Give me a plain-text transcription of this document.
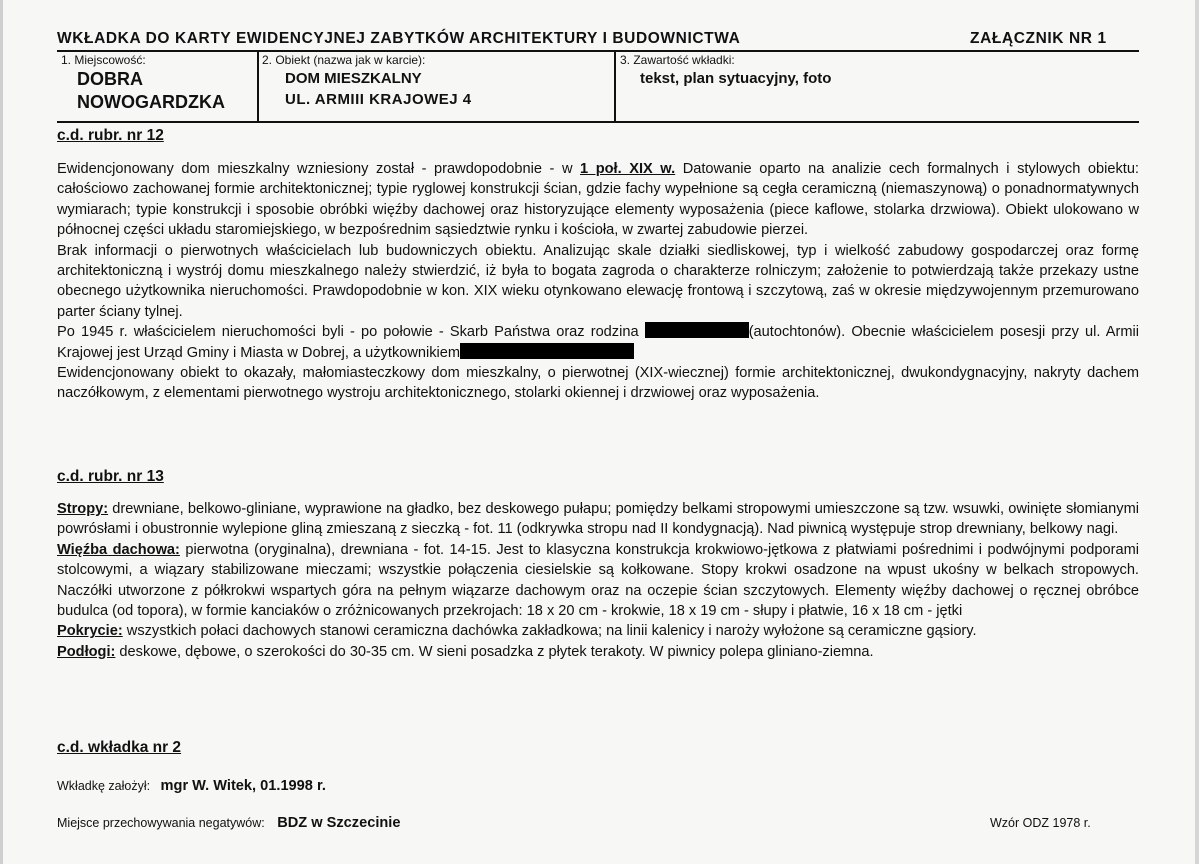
WKŁADKA DO KARTY EWIDENCYJNEJ ZABYTKÓW ARCHITEKTURY I BUDOWNICTWA	ZAŁĄCZNIK NR 1
1. Miejscowość:
DOBRA
NOWOGARDZKA
2. Obiekt (nazwa jak w karcie):
DOM MIESZKALNY
UL. ARMIII KRAJOWEJ 4
3. Zawartość wkładki:
tekst, plan sytuacyjny, foto
c.d. rubr. nr 12

Ewidencjonowany dom mieszkalny wzniesiony został - prawdopodobnie - w 1 poł. XIX w. Datowanie oparto na analizie cech formalnych i stylowych obiektu: całościowo zachowanej formie architektonicznej; typie ryglowej konstrukcji ścian, gdzie fachy wypełnione są cegła ceramiczną (niemaszynową) o ponadnormatywnych wymiarach; typie konstrukcji i sposobie obróbki więźby dachowej oraz historyzujące elementy wyposażenia (piece kaflowe, stolarka drzwiowa). Obiekt ulokowano w północnej części układu staromiejskiego, w bezpośrednim sąsiedztwie rynku i kościoła, w zwartej zabudowie pierzei.

Brak informacji o pierwotnych właścicielach lub budowniczych obiektu. Analizując skale działki siedliskowej, typ i wielkość zabudowy gospodarczej oraz formę architektoniczną i wystrój domu mieszkalnego należy stwierdzić, iż była to bogata zagroda o charakterze rolniczym; założenie to potwierdzają także przekazy ustne obecnego użytkownika nieruchomości. Prawdopodobnie w kon. XIX wieku otynkowano elewację frontową i szczytową, zaś w okresie międzywojennym przemurowano parter ściany tylnej.

Po 1945 r. właścicielem nieruchomości byli - po połowie - Skarb Państwa oraz rodzina	(autochtonów). Obecnie właścicielem posesji przy ul. Armii Krajowej jest Urząd Gminy i Miasta w Dobrej, a użytkownikiem

Ewidencjonowany obiekt to okazały, małomiasteczkowy dom mieszkalny, o pierwotnej (XIX-wiecznej) formie architektonicznej, dwukondygnacyjny, nakryty dachem naczółkowym, z elementami pierwotnego wystroju architektonicznego, stolarki okiennej i drzwiowej oraz wyposażenia.

c.d. rubr. nr 13

Stropy: drewniane, belkowo-gliniane, wyprawione na gładko, bez deskowego pułapu; pomiędzy belkami stropowymi umieszczone są tzw. wsuwki, owinięte słomianymi powrósłami i obustronnie wylepione gliną zmieszaną z sieczką - fot. 11 (odkrywka stropu nad II kondygnacją). Nad piwnicą występuje strop drewniany, belkowy nagi.

Więźba dachowa: pierwotna (oryginalna), drewniana - fot. 14-15. Jest to klasyczna konstrukcja krokwiowo-jętkowa z płatwiami pośrednimi i podwójnymi podporami stolcowymi, a wiązary stabilizowane mieczami; wszystkie połączenia ciesielskie są kołkowane. Stopy krokwi osadzone na wpust ukośny w belkach stropowych. Naczółki utworzone z półkrokwi wspartych góra na pełnym wiązarze dachowym oraz na oczepie ścian szczytowych. Elementy więźby dachowej o ręcznej obróbce budulca (od topora), w formie kanciaków o zróżnicowanych przekrojach: 18 x 20 cm - krokwie, 18 x 19 cm - słupy i płatwie, 16 x 18 cm - jętki

Pokrycie: wszystkich połaci dachowych stanowi ceramiczna dachówka zakładkowa; na linii kalenicy i naroży wyłożone są ceramiczne gąsiory.

Podłogi: deskowe, dębowe, o szerokości do 30-35 cm. W sieni posadzka z płytek terakoty. W piwnicy polepa gliniano-ziemna.

c.d. wkładka nr 2
Wkładkę założył: mgr W. Witek, 01.1998 r.
Miejsce przechowywania negatywów: BDZ w Szczecinie	Wzór ODZ 1978 r.
